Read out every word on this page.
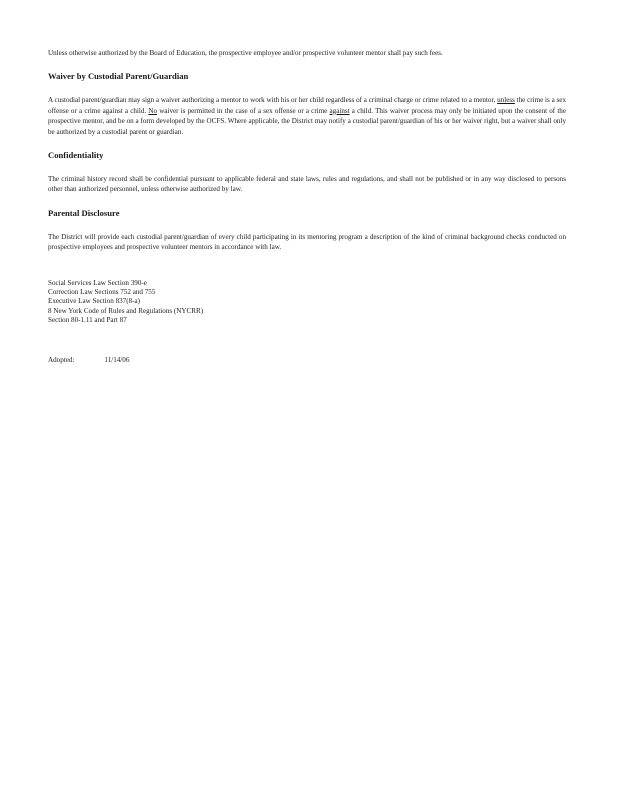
Unless otherwise authorized by the Board of Education, the prospective employee and/or prospective volunteer mentor shall pay such fees.

Waiver by Custodial Parent/Guardian

A custodial parent/guardian may sign a waiver authorizing a mentor to work with his or her child regardless of a criminal charge or crime related to a mentor, unless the crime is a sex offense or a crime against a child. No waiver is permitted in the case of a sex offense or a crime against a child. This waiver process may only be initiated upon the consent of the prospective mentor, and be on a form developed by the OCFS. Where applicable, the District may notify a custodial parent/guardian of his or her waiver right, but a waiver shall only be authorized by a custodial parent or guardian.

Confidentiality

The criminal history record shall be confidential pursuant to applicable federal and state laws, rules and regulations, and shall not be published or in any way disclosed to persons other than authorized personnel, unless otherwise authorized by law.

Parental Disclosure

The District will provide each custodial parent/guardian of every child participating in its mentoring program a description of the kind of criminal background checks conducted on prospective employees and prospective volunteer mentors in accordance with law.

Social Services Law Section 390-e

Correction Law Sections 752 and 755

Executive Law Section 837(8-a)

8 New York Code of Rules and Regulations (NYCRR)

Section 80-1.11 and Part 87

Adopted:	11/14/06
